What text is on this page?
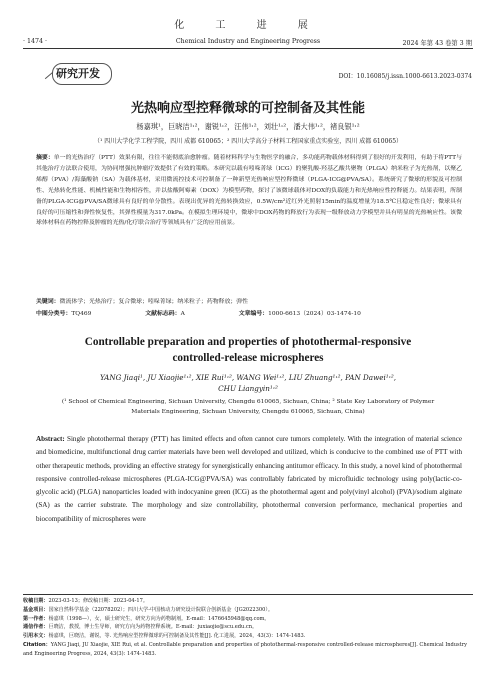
化 工 进 展
· 1474 ·	Chemical Industry and Engineering Progress	2024 年第 43 卷第 3 期
研究开发	DOI：10.16085/j.issn.1000-6613.2023-0374
光热响应型控释微球的可控制备及其性能
杨嘉琪¹，巨晓洁¹˒²，谢锐¹˒²，汪伟¹˒²，刘壮¹˒²，潘大伟¹˒²，褚良银¹˒²
（¹ 四川大学化学工程学院，四川 成都 610065；² 四川大学高分子材料工程国家重点实验室，四川 成都 610065）
摘要：单一的光热治疗（PTT）效果有限，往往不能彻底治愈肿瘤。随着材料科学与生物医学的融合，多功能药物载体材料得到了很好的开发利用，有助于将PTT与其他治疗方法联合使用，为协同增强抗肿瘤疗效提供了有效的策略。本研究以载有吲哚菁绿（ICG）的聚乳酸-羟基乙酸共聚物（PLGA）纳米粒子为光热剂，以聚乙烯醇（PVA）/海藻酸钠（SA）为载体基材，采用微流控技术可控制备了一种新型光热响应型控释微球（PLGA-ICG@PVA/SA）。系统研究了微球的形貌及可控制性、光热转化性能、机械性能和生物相容性，并以盐酸阿霉素（DOX）为模型药物，探讨了该微球载体对DOX的负载能力和光热响应性控释能力。结果表明，所制备的PLGA-ICG@PVA/SA微球具有良好的单分散性。表现出优异的光热转换效应，0.5W/cm²近红外光照射15min的温度增量为18.5℃且稳定性良好；微球具有良好的可压缩性和弹性恢复性，其弹性模量为317.0kPa。在模拟生理环境中，微球中DOX药物的释放行为表现一级释放动力学模型并具有明显的光热响应性。该微球体材料在药物控释及肿瘤的光热/化疗联合治疗等领域具有广泛的应用前景。
关键词：微流体学；光热治疗；复合微球；吲哚菁绿；纳米粒子；药物释放；弹性
中图分类号：TQ469	文献标志码：A	文章编号：1000-6613（2024）03-1474-10
Controllable preparation and properties of photothermal-responsive
controlled-release microspheres
YANG Jiaqi¹, JU Xiaojie¹˒², XIE Rui¹˒², WANG Wei¹˒², LIU Zhuang¹˒², PAN Dawei¹˒²,
CHU Liangyin¹˒²
(¹ School of Chemical Engineering, Sichuan University, Chengdu 610065, Sichuan, China; ² State Key Laboratory of Polymer
Materials Engineering, Sichuan University, Chengdu 610065, Sichuan, China)
Abstract: Single photothermal therapy (PTT) has limited effects and often cannot cure tumors completely. With the integration of material science and biomedicine, multifunctional drug carrier materials have been well developed and utilized, which is conducive to the combined use of PTT with other therapeutic methods, providing an effective strategy for synergistically enhancing antitumor efficacy. In this study, a novel kind of photothermal responsive controlled-release microspheres (PLGA-ICG@PVA/SA) was controllably fabricated by microfluidic technology using poly(lactic-co-glycolic acid) (PLGA) nanoparticles loaded with indocyanine green (ICG) as the photothermal agent and poly(vinyl alcohol) (PVA)/sodium alginate (SA) as the carrier substrate. The morphology and size controllability, photothermal conversion performance, mechanical properties and biocompatibility of microspheres were
收稿日期：2023-03-13；修改稿日期：2023-04-17。
基金项目：国家自然科学基金（22078202）；四川大学-中国核动力研究设计院联合创新基金（JG2022300）。
第一作者：杨嘉琪（1998—），女，硕士研究生，研究方向为药物制剂。E-mail：1476645948@qq.com。
通信作者：巨晓洁，教授，博士生导师，研究方向为药物控释系统。E-mail：juxiaojie@scu.edu.cn。
引用本文：杨嘉琪，巨晓洁，谢锐，等. 光热响应型控释微球的可控制备及其性能[J]. 化工进展，2024，43(3)：1474-1483.
Citation：YANG Jiaqi, JU Xiaojie, XIE Rui, et al. Controllable preparation and properties of photothermal-responsive controlled-release microspheres[J]. Chemical Industry and Engineering Progress, 2024, 43(3): 1474-1483.
